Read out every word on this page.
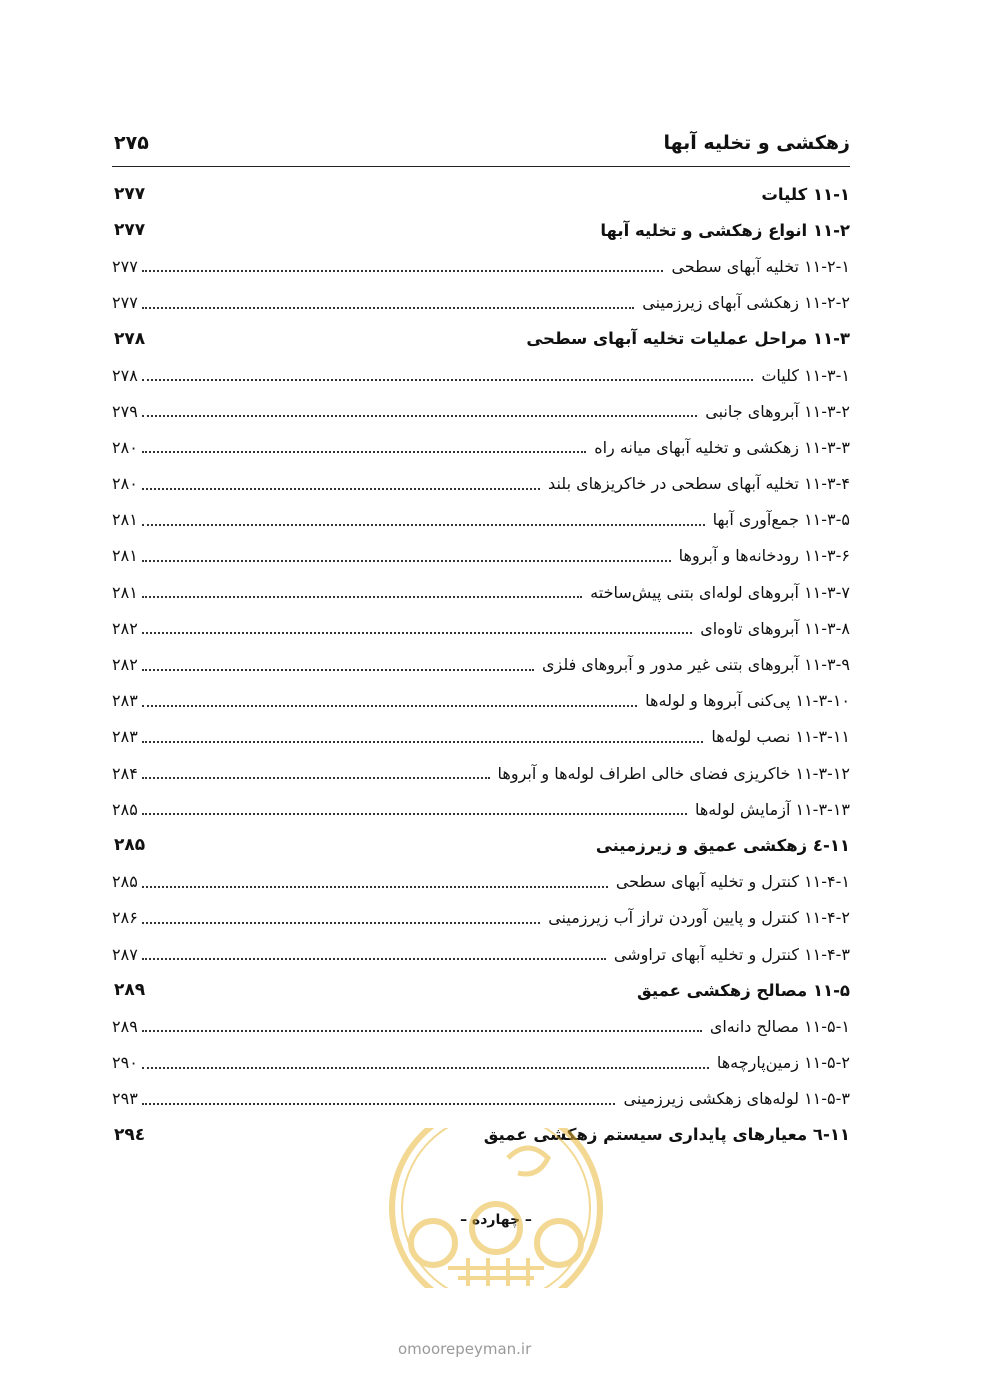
زهکشی و تخلیه آبها
۲۷۵
۱۱-۱ کلیات
۲۷۷
۱۱-۲ انواع زهکشی و تخلیه آبها
۲۷۷
۱۱-۲-۱ تخلیه آبهای سطحی
۲۷۷
۱۱-۲-۲ زهکشی آبهای زیرزمینی
۲۷۷
۱۱-۳ مراحل عملیات تخلیه آبهای سطحی
۲۷۸
۱۱-۳-۱ کلیات
۲۷۸
۱۱-۳-۲ آبروهای جانبی
۲۷۹
۱۱-۳-۳ زهکشی و تخلیه آبهای میانه راه
۲۸۰
۱۱-۳-۴ تخلیه آبهای سطحی در خاکریزهای بلند
۲۸۰
۱۱-۳-۵ جمع‌آوری آبها
۲۸۱
۱۱-۳-۶ رودخانه‌ها و آبروها
۲۸۱
۱۱-۳-۷ آبروهای لوله‌ای بتنی پیش‌ساخته
۲۸۱
۱۱-۳-۸ آبروهای تاوه‌ای
۲۸۲
۱۱-۳-۹ آبروهای بتنی غیر مدور و آبروهای فلزی
۲۸۲
۱۱-۳-۱۰ پی‌کنی آبروها و لوله‌ها
۲۸۳
۱۱-۳-۱۱ نصب لوله‌ها
۲۸۳
۱۱-۳-۱۲ خاکریزی فضای خالی اطراف لوله‌ها و آبروها
۲۸۴
۱۱-۳-۱۳ آزمایش لوله‌ها
۲۸۵
۱۱-٤ زهکشی عمیق و زیرزمینی
۲۸۵
۱۱-۴-۱ کنترل و تخلیه آبهای سطحی
۲۸۵
۱۱-۴-۲ کنترل و پایین آوردن تراز آب زیرزمینی
۲۸۶
۱۱-۴-۳ کنترل و تخلیه آبهای تراوشی
۲۸۷
۱۱-۵ مصالح زهکشی عمیق
۲۸۹
۱۱-۵-۱ مصالح دانه‌ای
۲۸۹
۱۱-۵-۲ زمین‌پارچه‌ها
۲۹۰
۱۱-۵-۳ لوله‌های زهکشی زیرزمینی
۲۹۳
۱۱-٦ معیارهای پایداری سیستم زهکشی عمیق
۲۹٤
– چهارده –
omoorepeyman.ir
